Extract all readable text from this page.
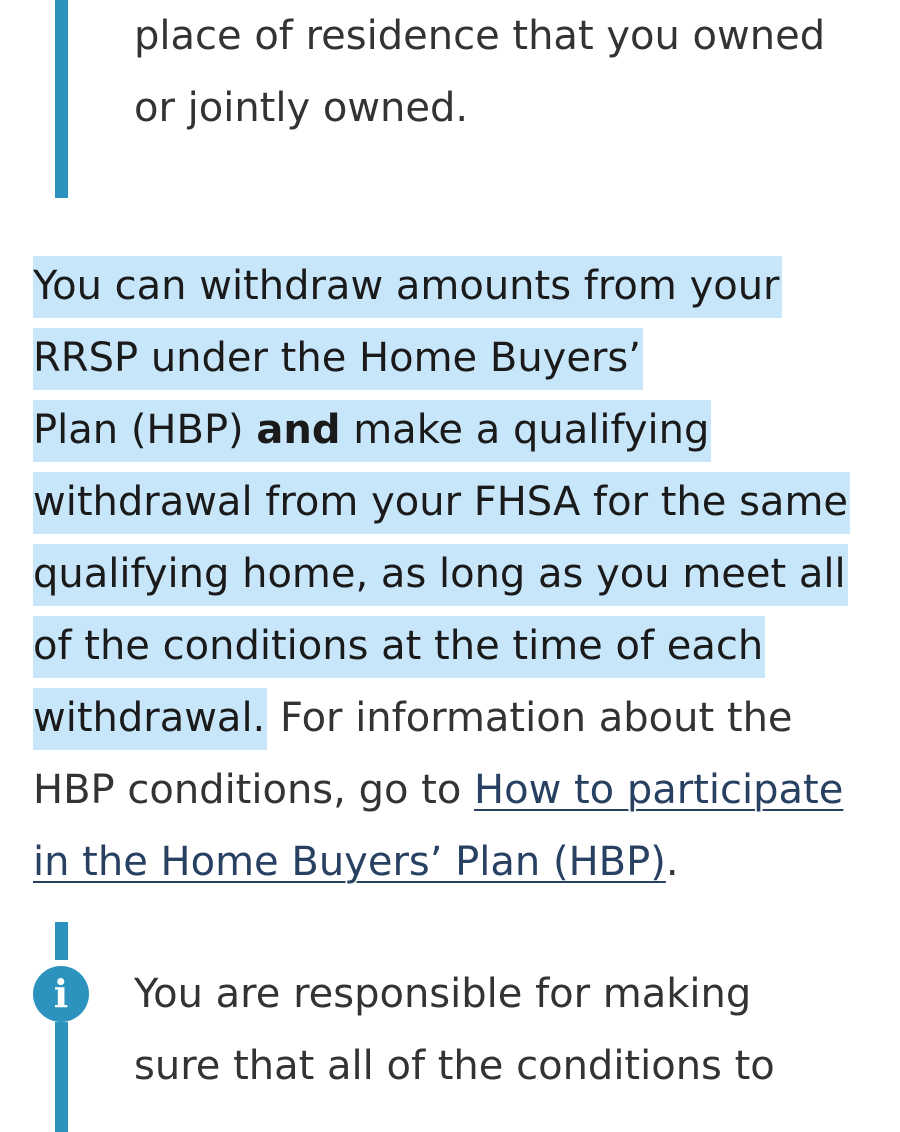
place of residence that you owned
or jointly owned.
You can withdraw amounts from your
RRSP under the Home Buyers’
Plan (HBP) and make a qualifying
withdrawal from your FHSA for the same
qualifying home, as long as you meet all
of the conditions at the time of each
withdrawal. For information about the
HBP conditions, go to How to participate
in the Home Buyers’ Plan (HBP).
i	You are responsible for making
sure that all of the conditions to
